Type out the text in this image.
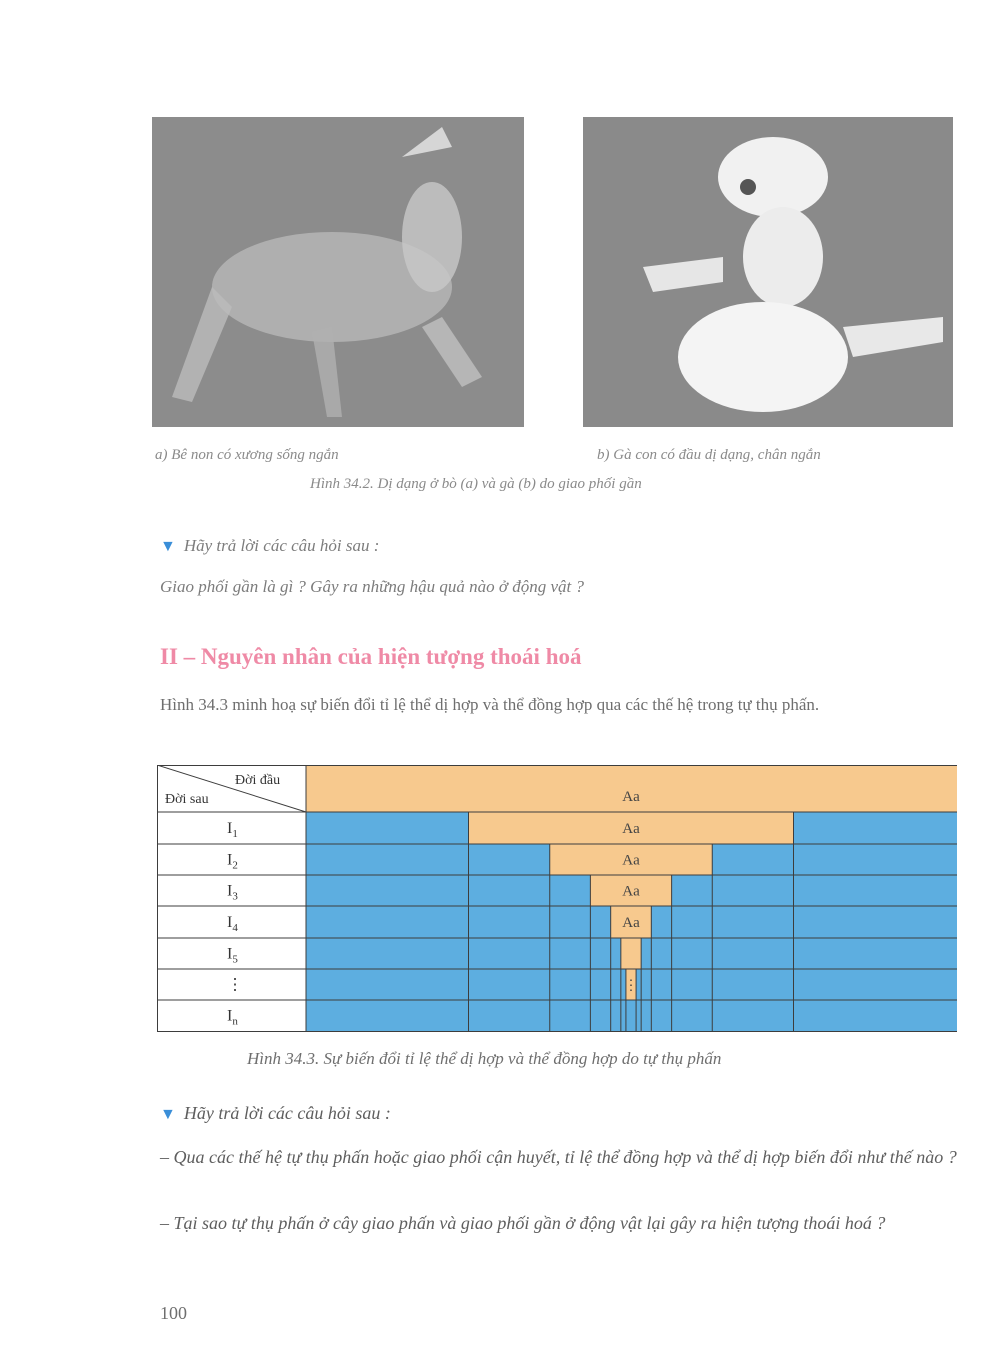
a) Bê non có xương sống ngắn	b) Gà con có đầu dị dạng, chân ngắn
Hình 34.2. Dị dạng ở bò (a) và gà (b) do giao phối gần
▼ Hãy trả lời các câu hỏi sau :
Giao phối gần là gì ? Gây ra những hậu quả nào ở động vật ?
II – Nguyên nhân của hiện tượng thoái hoá
Hình 34.3 minh hoạ sự biến đổi tỉ lệ thể dị hợp và thể đồng hợp qua các thế hệ trong tự thụ phấn.
Đời đầu
Đời sau
$I_1$
$I_2$
$I_3$
$I_4$
$I_5$
⋮
$I_n$
Aa
Aa
Aa
Aa
Aa
⋮
Hình 34.3. Sự biến đổi tỉ lệ thể dị hợp và thể đồng hợp do tự thụ phấn
▼ Hãy trả lời các câu hỏi sau :
– Qua các thế hệ tự thụ phấn hoặc giao phối cận huyết, tỉ lệ thể đồng hợp và thể dị hợp biến đổi như thế nào ?
– Tại sao tự thụ phấn ở cây giao phấn và giao phối gần ở động vật lại gây ra hiện tượng thoái hoá ?
100
